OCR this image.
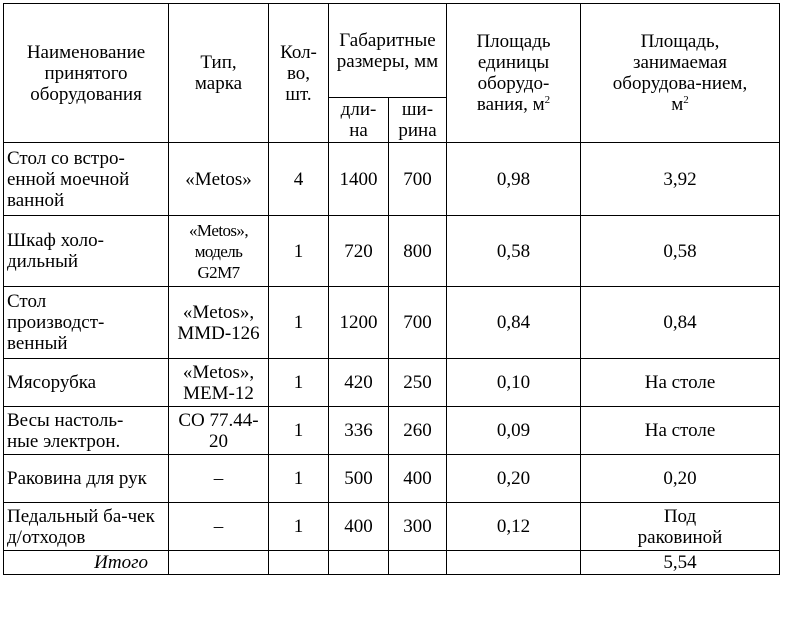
Наименование принятого оборудования	Тип, марка	Кол-во, шт.	Габаритные размеры, мм		Площадь единицы оборудо-вания, $м^2$	Площадь, занимаемая оборудова-нием, $м^2$

			дли-на	ши-рина		

Стол со встро-енной моечной ванной	«Metos»	4	1400	700	0,98	3,92

Шкаф холо-дильный	«Metos», модель G2M7	1	720	800	0,58	0,58

Стол производст-венный	«Metos», MMD-126	1	1200	700	0,84	0,84
Мясорубка	«Metos», MEM-12	1	420	250	0,10	На столе

Весы настоль-ные электрон.	CO 77.44-20	1	336	260	0,09	На столе

Раковина для рук	–	1	500	400	0,20	0,20

Педальный ба-чек д/отходов	–	1	400	300	0,12	Под раковиной

Итого						5,54
